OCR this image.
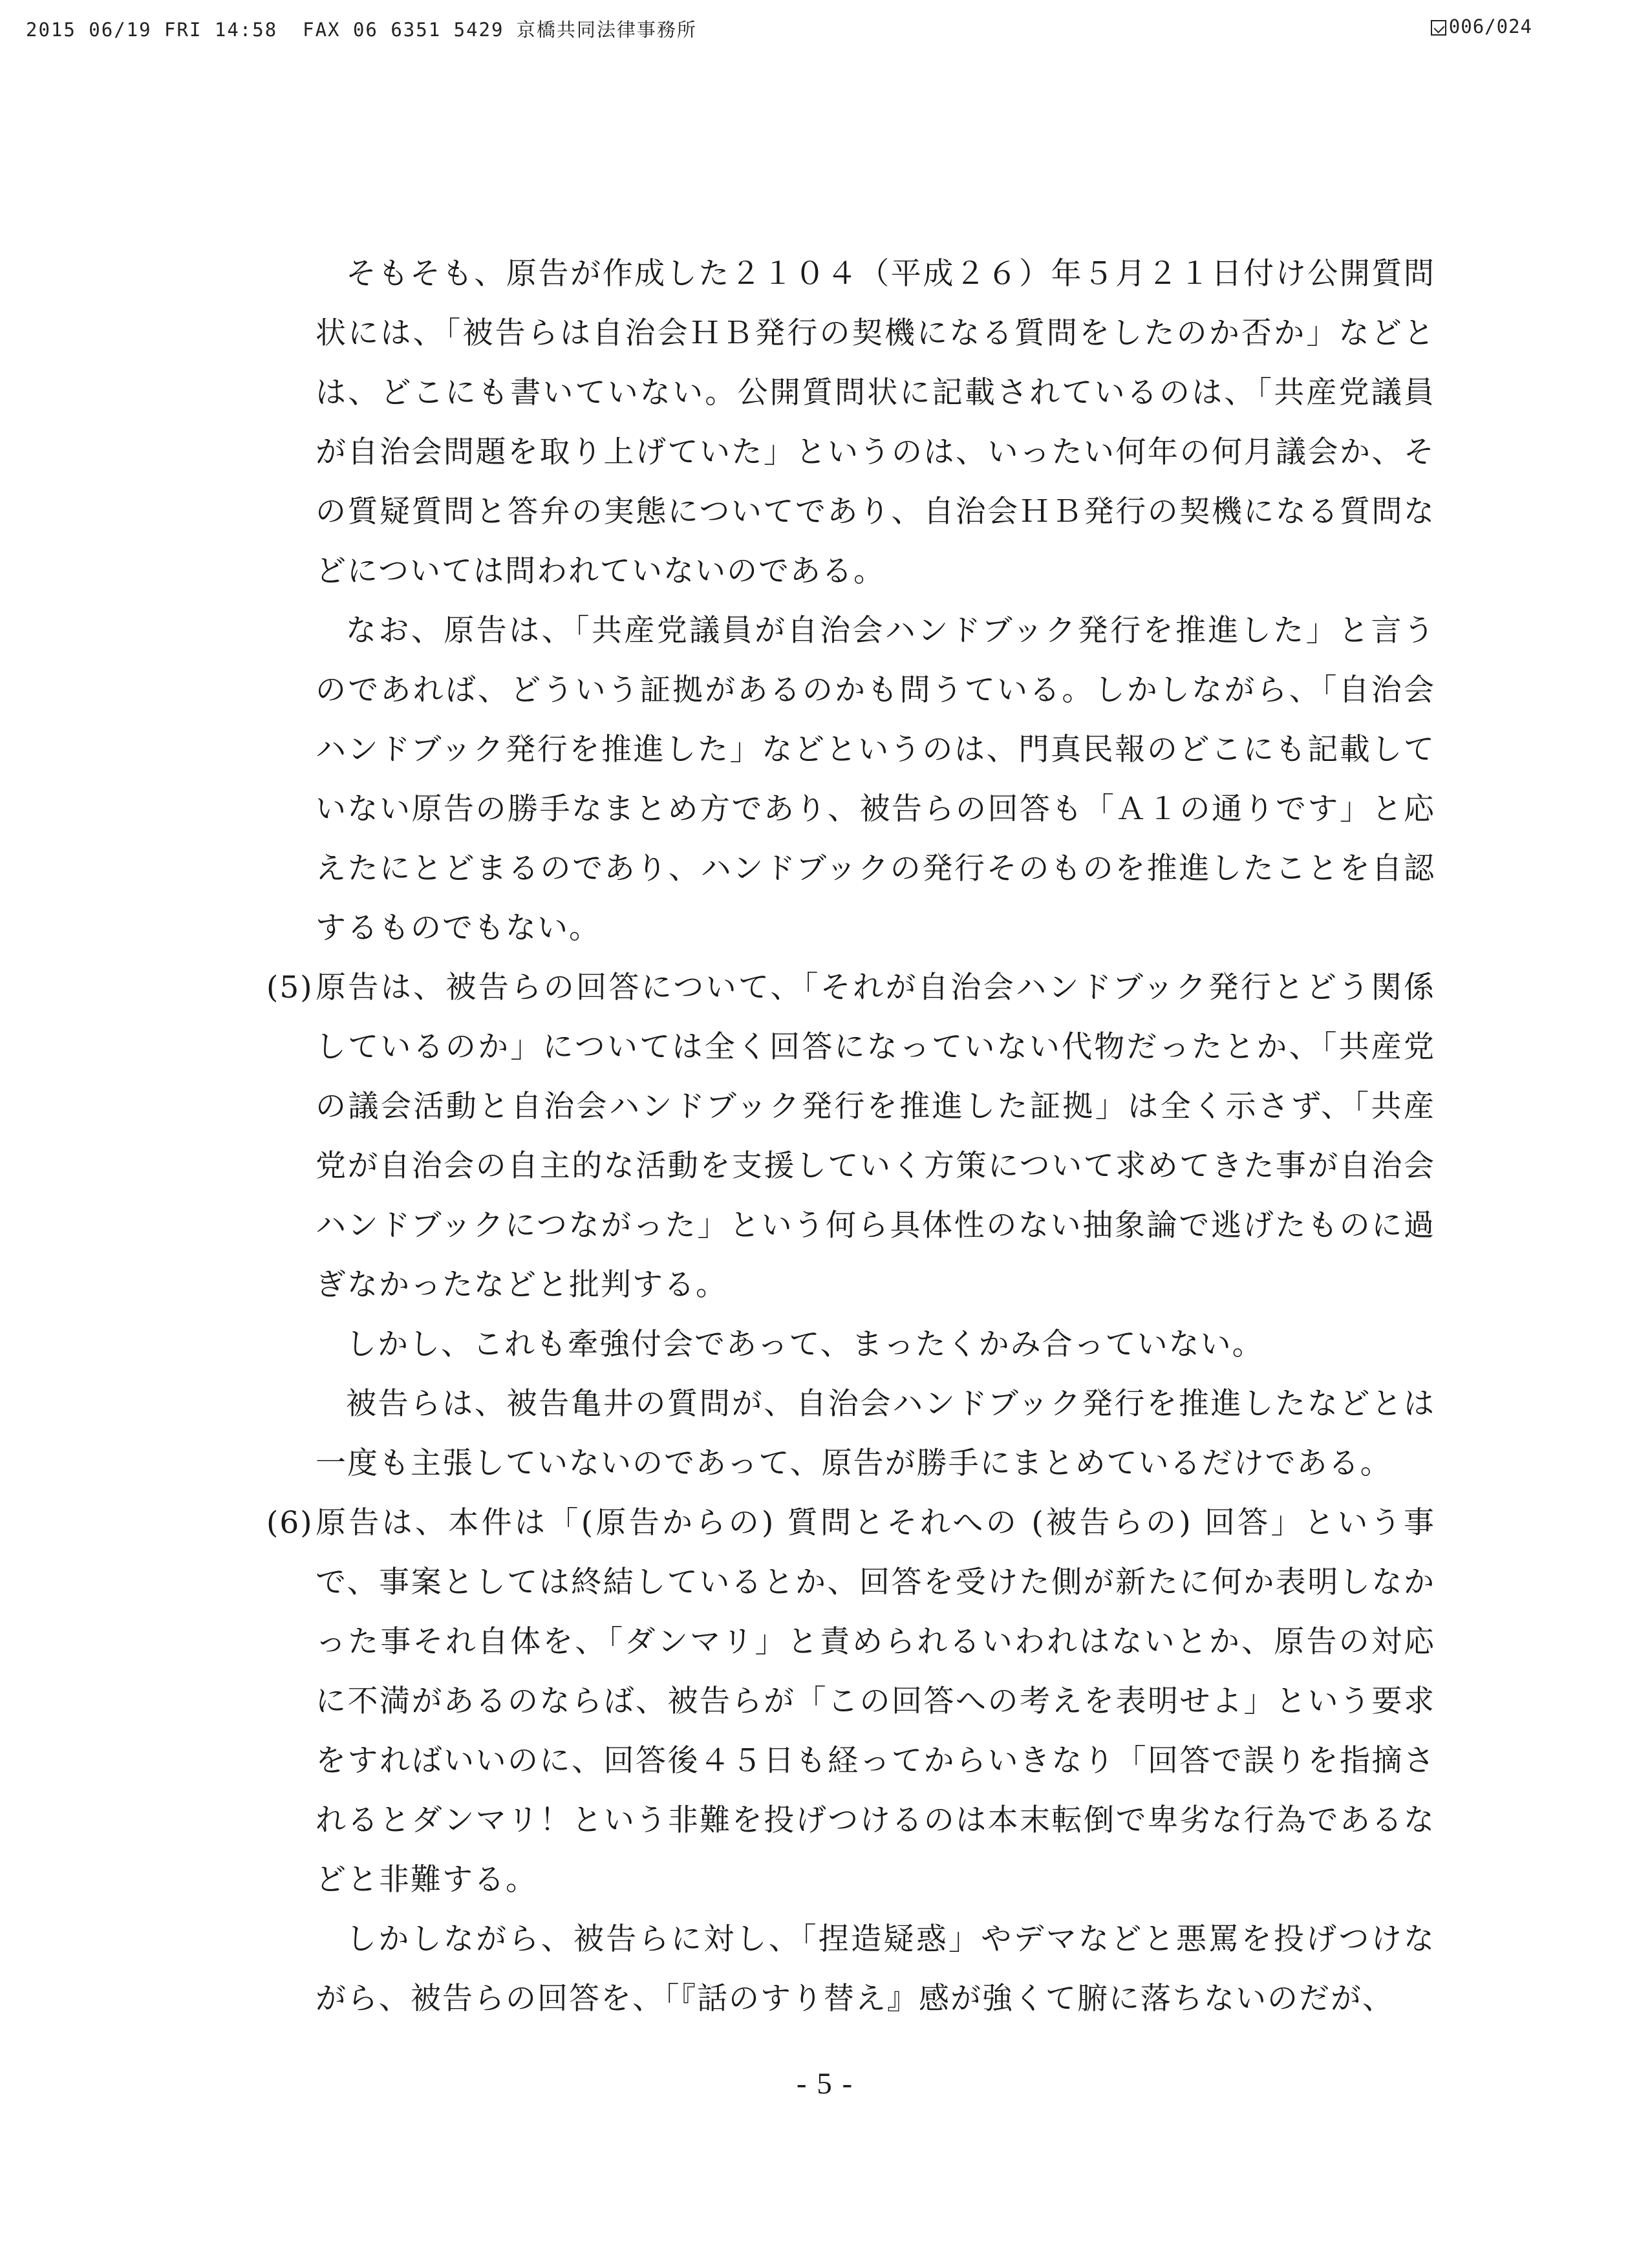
2015 06/19 FRI 14:58  FAX 06 6351 5429 京橋共同法律事務所	006/024

そもそも、原告が作成した２１０４（平成２６）年５月２１日付け公開質問状には、「被告らは自治会ＨＢ発行の契機になる質問をしたのか否か」などとは、どこにも書いていない。公開質問状に記載されているのは、「共産党議員が自治会問題を取り上げていた」というのは、いったい何年の何月議会か、その質疑質問と答弁の実態についてであり、自治会ＨＢ発行の契機になる質問などについては問われていないのである。

なお、原告は、「共産党議員が自治会ハンドブック発行を推進した」と言うのであれば、どういう証拠があるのかも問うている。しかしながら、「自治会ハンドブック発行を推進した」などというのは、門真民報のどこにも記載していない原告の勝手なまとめ方であり、被告らの回答も「Ａ１の通りです」と応えたにとどまるのであり、ハンドブックの発行そのものを推進したことを自認するものでもない。

(5) 原告は、被告らの回答について、「それが自治会ハンドブック発行とどう関係しているのか」については全く回答になっていない代物だったとか、「共産党の議会活動と自治会ハンドブック発行を推進した証拠」は全く示さず、「共産党が自治会の自主的な活動を支援していく方策について求めてきた事が自治会ハンドブックにつながった」という何ら具体性のない抽象論で逃げたものに過ぎなかったなどと批判する。

しかし、これも牽強付会であって、まったくかみ合っていない。

被告らは、被告亀井の質問が、自治会ハンドブック発行を推進したなどとは一度も主張していないのであって、原告が勝手にまとめているだけである。

(6) 原告は、本件は「(原告からの) 質問とそれへの (被告らの) 回答」という事で、事案としては終結しているとか、回答を受けた側が新たに何か表明しなかった事それ自体を、「ダンマリ」と責められるいわれはないとか、原告の対応に不満があるのならば、被告らが「この回答への考えを表明せよ」という要求をすればいいのに、回答後４５日も経ってからいきなり「回答で誤りを指摘されるとダンマリ！という非難を投げつけるのは本末転倒で卑劣な行為であるなどと非難する。

しかしながら、被告らに対し、「捏造疑惑」やデマなどと悪罵を投げつけながら、被告らの回答を、「『話のすり替え』感が強くて腑に落ちないのだが、

- 5 -
